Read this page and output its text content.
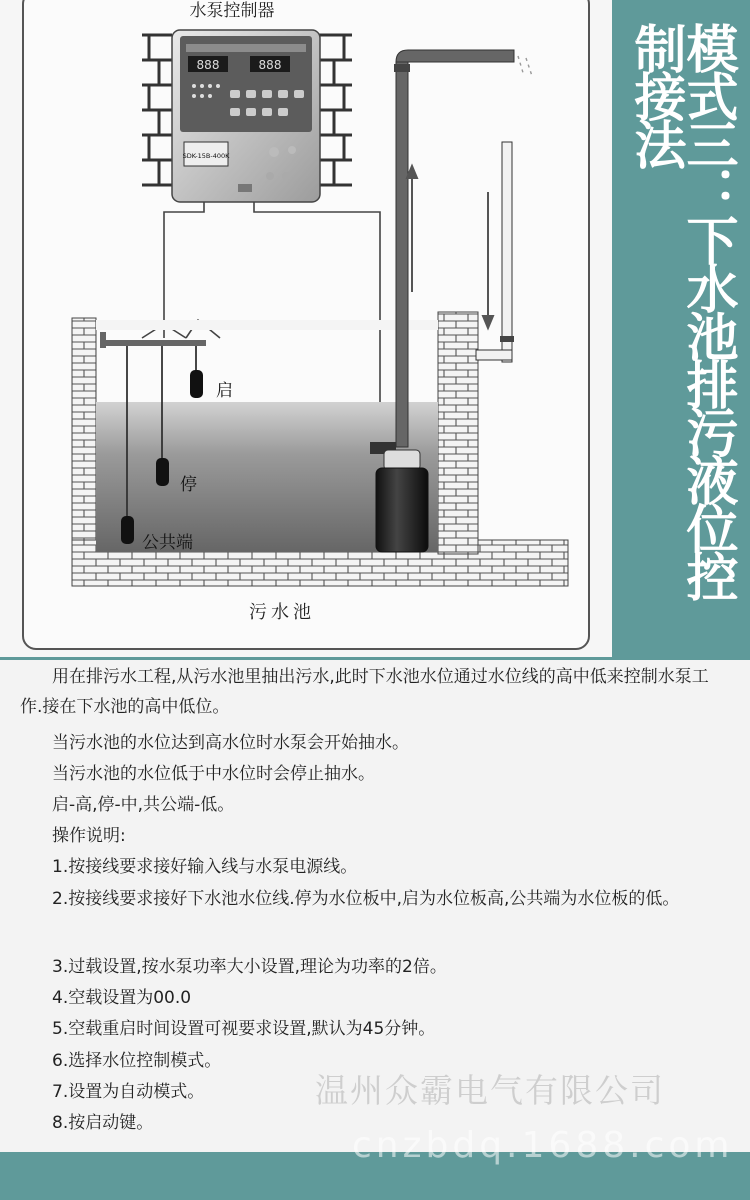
水泵控制器
888	888
SDK-15B-400K
启
停
公共端
污水池
模式三：下水池排污液位控制接法
用在排污水工程,从污水池里抽出污水,此时下水池水位通过水位线的高中低来控制水泵工作.接在下水池的高中低位。
当污水池的水位达到高水位时水泵会开始抽水。
当污水池的水位低于中水位时会停止抽水。
启-高,停-中,共公端-低。
操作说明:
1.按接线要求接好输入线与水泵电源线。
2.按接线要求接好下水池水位线.停为水位板中,启为水位板高,公共端为水位板的低。
3.过载设置,按水泵功率大小设置,理论为功率的2倍。
4.空载设置为00.0
5.空载重启时间设置可视要求设置,默认为45分钟。
6.选择水位控制模式。
7.设置为自动模式。
8.按启动键。
温州众霸电气有限公司
cnzbdq.1688.com
